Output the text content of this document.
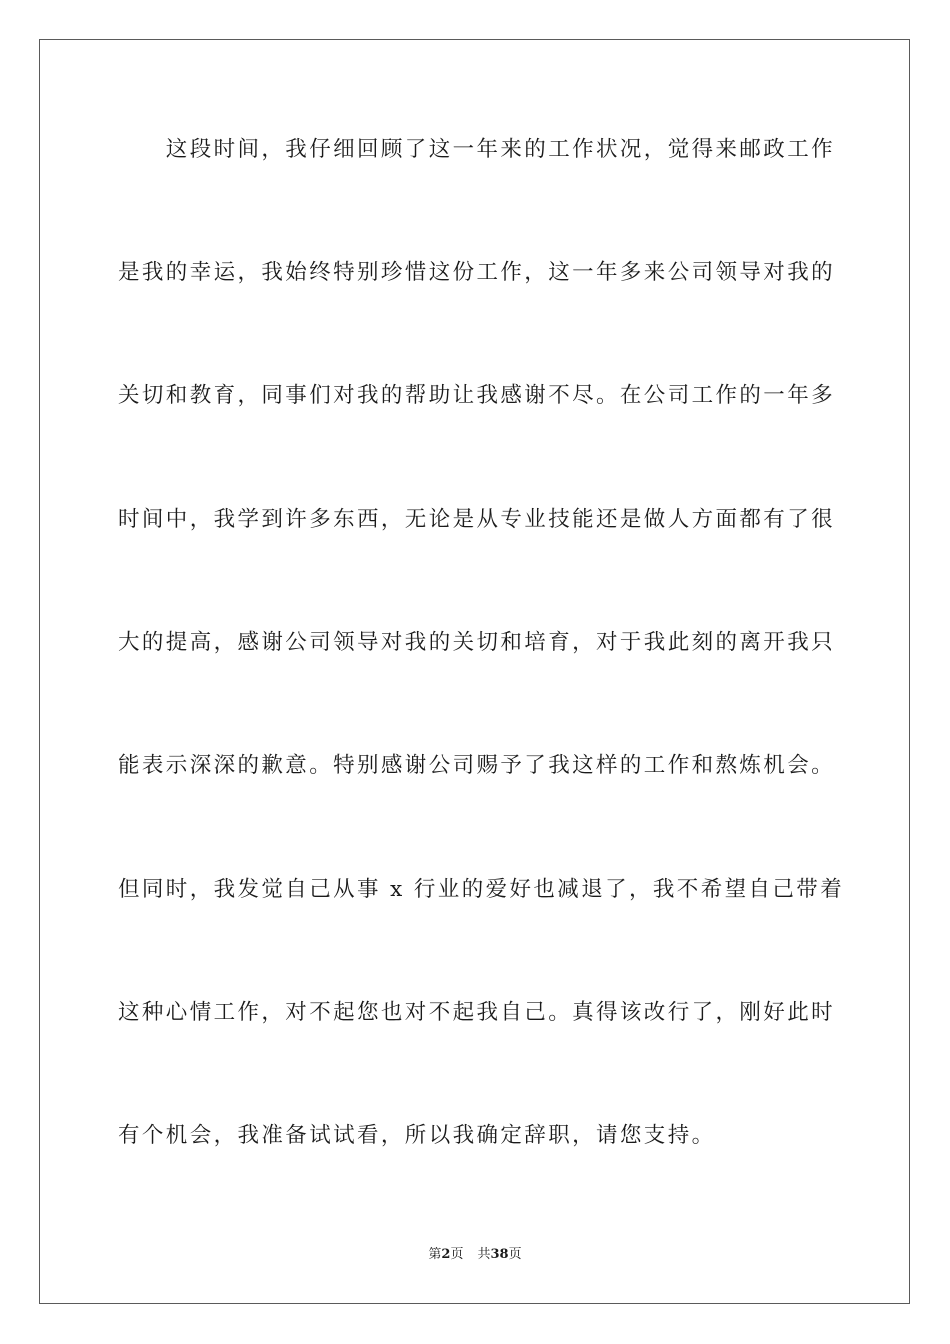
　　这段时间，我仔细回顾了这一年来的工作状况，觉得来邮政工作
是我的幸运，我始终特别珍惜这份工作，这一年多来公司领导对我的
关切和教育，同事们对我的帮助让我感谢不尽。在公司工作的一年多
时间中，我学到许多东西，无论是从专业技能还是做人方面都有了很
大的提高，感谢公司领导对我的关切和培育，对于我此刻的离开我只
能表示深深的歉意。特别感谢公司赐予了我这样的工作和熬炼机会。
但同时，我发觉自己从事 x 行业的爱好也减退了，我不希望自己带着
这种心情工作，对不起您也对不起我自己。真得该改行了，刚好此时
有个机会，我准备试试看，所以我确定辞职，请您支持。
第2页 共38页
